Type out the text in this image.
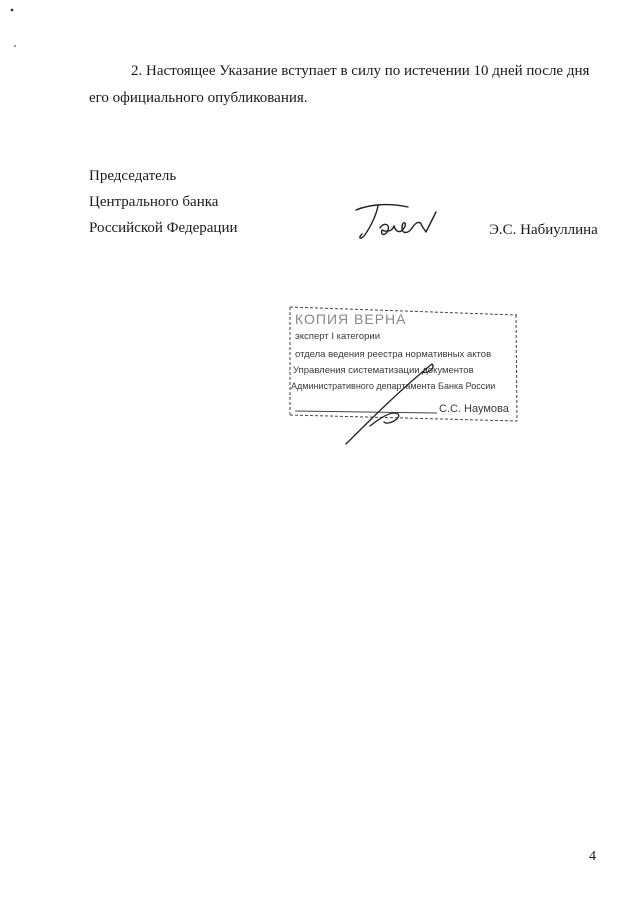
2. Настоящее Указание вступает в силу по истечении 10 дней после дня
его официального опубликования.
Председатель
Центрального банка
Российской Федерации	Э.С. Набиуллина
КОПИЯ ВЕРНА
эксперт I категории
отдела ведения реестра нормативных актов
Управления систематизации документов
Административного департамента Банка России
С.С. Наумова
4
